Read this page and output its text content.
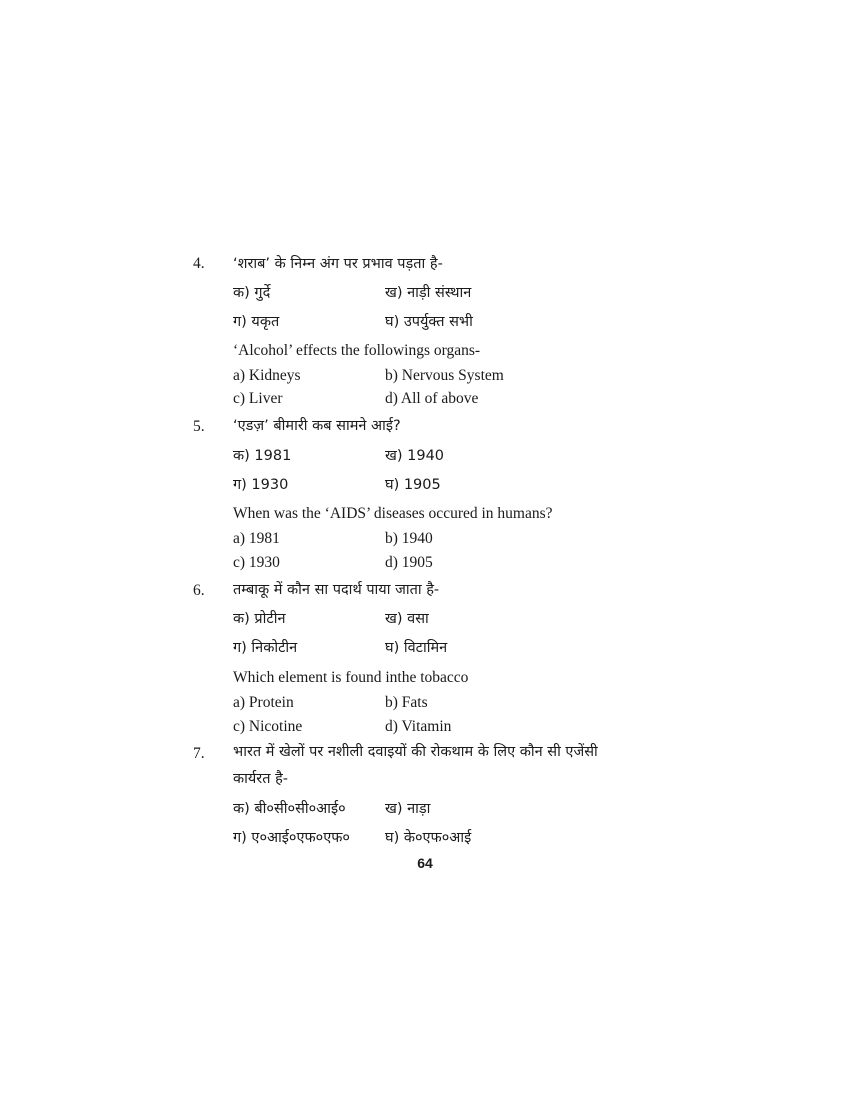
4. ‘शराब’ के निम्न अंग पर प्रभाव पड़ता है-
क) गुर्दे	ख) नाड़ी संस्थान
ग) यकृत	घ) उपर्युक्त सभी
‘Alcohol’ effects the followings organs-
a) Kidneys	b) Nervous System
c) Liver	d) All of above
5. ‘एडज़’ बीमारी कब सामने आई?
क) 1981	ख) 1940
ग) 1930	घ) 1905
When was the ‘AIDS’ diseases occured in humans?
a) 1981	b) 1940
c) 1930	d) 1905
6. तम्बाकू में कौन सा पदार्थ पाया जाता है-
क) प्रोटीन	ख) वसा
ग) निकोटीन	घ) विटामिन
Which element is found inthe tobacco
a) Protein	b) Fats
c) Nicotine	d) Vitamin
7. भारत में खेलों पर नशीली दवाइयों की रोकथाम के लिए कौन सी एजेंसी
कार्यरत है-
क) बी०सी०सी०आई०	ख) नाड़ा
ग) ए०आई०एफ०एफ० घ) के०एफ०आई
64
